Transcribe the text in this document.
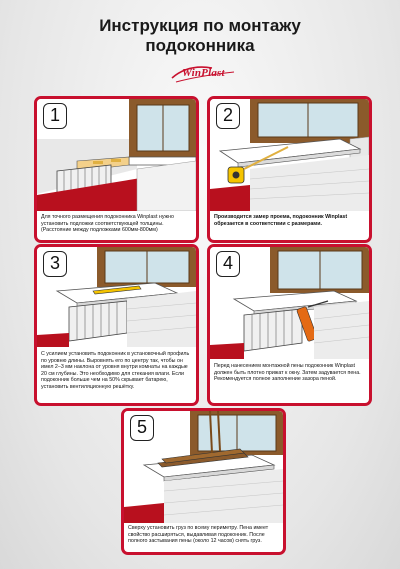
Инструкция по монтажу
подоконника
WinPlast
1
Для точного размещения подоконника Winplast нужно установить подложки соответствующей толщины. (Расстояние между подложками 600мм-800мм)
2
Производится замер проема, подоконник Winplast обрезается в соответствии с размерами.
3
С усилием установить подоконник в установочный профиль по уровню длины. Выровнять его по центру так, чтобы он имел 2–3 мм наклона от уровня внутри комнаты на каждые 20 см глубины. Это необходимо для стекания влаги. Если подоконник больше чем на 50% скрывает батарею, установить вентиляционную решётку.
4
Перед нанесением монтажной пены подоконник Winplast должен быть плотно прижат к окну. Затем задувается пена. Рекомендуется полное заполнение зазора пеной.
5
Сверху установить груз по всему периметру. Пена имеет свойство расширяться, выдавливая подоконник. После полного застывания пены (около 12 часов) снять груз.
